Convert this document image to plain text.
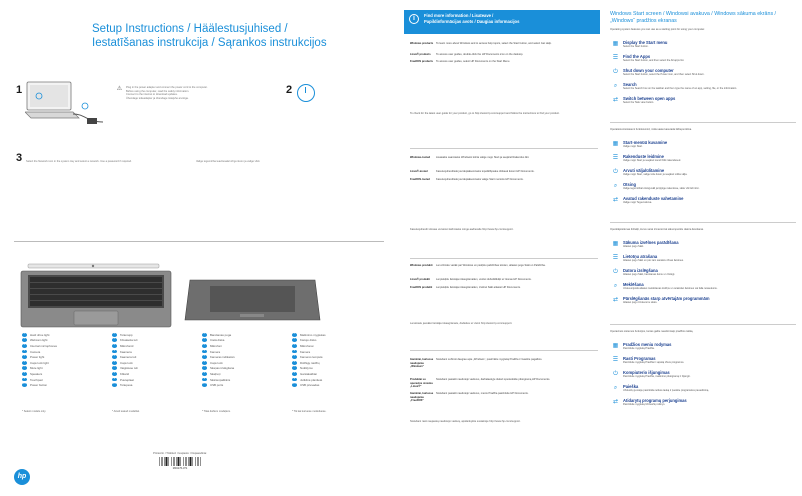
Setup Instructions / Häälestusjuhised /
Iestatīšanas instrukcija / Sąrankos instrukcijos
1	⚠	Plug in the power adapter and connect the power cord to the computer.
Before using the computer, read the safety information.
Connect to the internet to download updates.
Ühendage toiteadapter ja ühendage toitejuhe arvutiga.
2
3 Select the Network icon in the system tray and select a network. Use a password if required.	Valige tegumiriba teavitusalal võrgu ikoon ja valige võrk.
1	Hard drive light
2	Webcam light
3	Internal microphones
4	Camera
5	Power light
6	Caps lock light
7	Mute light
8	Speakers
9	Touchpad
10	Power button
1	Toitenupp
2	Kõvaketta tuli
3	Mikrofonid
4	Kaamera
5	Kaamera tuli
6	Caps lock
7	Vaigistuse tuli
8	Kõlarid
9	Puuteplaat
10	Toitepesa
1	Barošanas poga
2	Cietā diska
3	Mikrofoni
4	Kamera
5	Kameras indikators
6	Caps lock
7	Skaņas izslēgšana
8	Skaļruņi
9	Skārienpaliktnis
10	USB ports
1	Maitinimo mygtukas
2	Kietojo disko
3	Mikrofonai
4	Kamera
5	Kameros lemputė
6	Didžiųjų raidžių
7	Nutildymo
8	Garsiakalbiai
9	Jutiklinė planšetė
10	USB prievadas
* Select models only.	* Ainult teatud mudelitel.	* Tikai dažiem modeļiem.	* Tik kai kuriuose modeliuose.
hp
Printed in / Trükitud: / Iespiests: / Išspausdinta:
M04176-371
i	Find more information / Lisateave /
Papildinformācijas avots / Daugiau informacijos
Windows products	To learn more about Windows and to access help topics, select the Start button, and select Get Help.
Linux® products	To access user guides, double-click the HP Documents icon on the desktop.
FreeDOS products	To access user guides, select HP Documents on the Start Menu.
To check for the latest user guide for your product, go to http://www.hp.com/support and follow the instructions to find your product.
Windows-tooted	Lisateabe saamiseks Windowsi kohta valige nupp Start ja seejärel Rakendus Abi.
Linux®-tooted	Kasutusjuhenditele juurdepääsemiseks topeltklõpsake töölaual ikooni HP Documents.
FreeDOS-tooted	Kasutusjuhenditele juurdepääsemiseks valige Start menüüs HP Documents.
Kasutusjuhendi viimase versiooni leidmiseks minge aadressile http://www.hp.com/support.
Windows produkti	Lai uzzinātu vairāk par Windows un piekļūtu palīdzības tēmām, atlasiet pogu Sākt un Palīdzība.
Linux® produkti	Lai piekļūtu lietotāja rokasgrāmatām, veiciet dubultklikšķi uz ikonas HP Documents.
FreeDOS produkti	Lai piekļūtu lietotāja rokasgrāmatām, izvēlnē Sākt atlasiet HP Documents.
Lai atrastu jaunāko lietotāja rokasgrāmatu, dodieties uz vietni http://www.hp.com/support.
Gaminiai, kuriuose naudojama „Windows“
Norėdami sužinoti daugiau apie „Windows“, pasirinkite mygtuką Pradžia ir Gaukite pagalbos.
Produktai su operacine sistema „Linux®“
Norėdami pasiekti naudotojo vadovus, darbalaukyje dukart spustelėkite piktogramą HP Documents.
Gaminiai, kuriuose naudojama „FreeDOS“
Norėdami pasiekti naudotojo vadovus, meniu Pradžia pasirinkite HP Documents.
Norėdami rasti naujausią naudotojo vadovą, apsilankykite svetainėje http://www.hp.com/support.
Windows Start screen / Windowsi avakuva / Windows sākuma ekrāns / „Windows“ pradžios ekranas
Operating system features you can use as a starting point for using your computer.
▦ Display the Start menu
Select the Start button.
☰ Find the Apps
Select the Start button, and then select the All apps list.
⏻ Shut down your computer
Select the Start button, select the Power icon, and then select Shut down.
⌕	Search
Select the Search box on the taskbar and then type the name of an app, setting, file, or the information.
⇄ Switch between open apps
Select the Task view button.
Operatsioonisüsteemi funktsioonid, mida saate kasutada lähtepunktina.
▦ Start-menüü kuvamine
Valige nupp Start.
☰ Rakenduste leidmine
Valige nupp Start ja seejärel loend Kõik rakendused.
⏻ Arvuti väljalülitamine
Valige nupp Start, valige toite ikoon ja seejärel Lülita välja.
⌕	Otsing
Valige tegumiribal otsinguväli ja tippige rakenduse, sätte või faili nimi.
⇄ Avatud rakenduste vahetamine
Valige nupp Tegevuskuva.
Operētājsistēmas līdzekļi, kurus varat izmantot kā sākumpunktu datora lietošanai.
▦ Sākuma izvēlnes parādīšana
Atlasiet pogu Sākt.
☰ Lietotņu atrašana
Atlasiet pogu Sākt un pēc tam sarakstu Visas lietotnes.
⏻ Datora izslēgšana
Atlasiet pogu Sākt, barošanas ikonu un Izslēgt.
⌕	Meklēšana
Uzdevumjoslā atlasiet meklēšanas lodziņu un ierakstiet lietotnes vai faila nosaukumu.
⇄ Pārslēgšanās starp atvērtajām programmām
Atlasiet pogu Uzdevumu skats.
Operacinės sistemos funkcijos, kurias galite naudoti kaip pradžios tašką.
▦ Pradžios meniu rodymas
Pasirinkite mygtuką Pradžia.
☰ Rasti Programas
Pasirinkite mygtuką Pradžia ir sąrašą Visos programos.
⏻ Kompiuterio išjungimas
Pasirinkite mygtuką Pradžia, maitinimo piktogramą ir Išjungti.
⌕	Paieška
Užduočių juostoje pasirinkite ieškos lauką ir įveskite programėlės pavadinimą.
⇄ Atidarytų programų perjungimas
Pasirinkite mygtuką Užduočių rodinys.
